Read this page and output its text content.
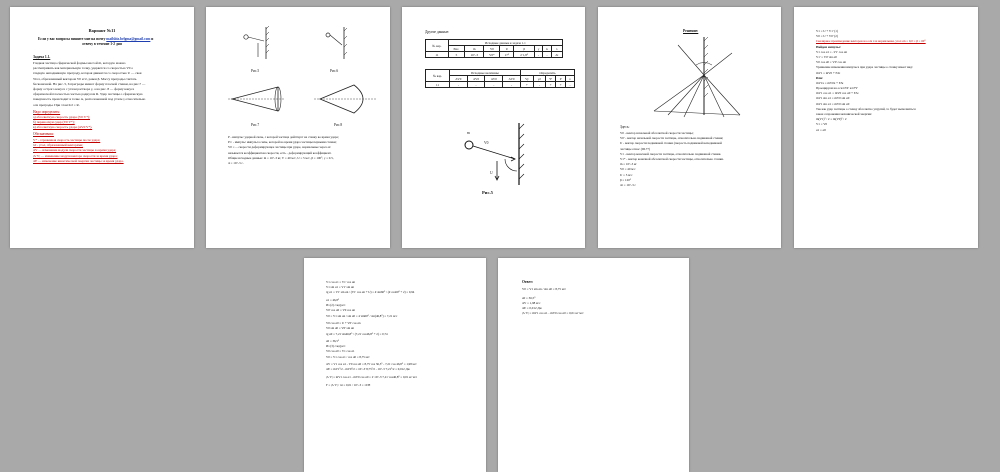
Вариант №11
Если у вас вопросы пишите мне на почту mailsbiz.belgma@gmail.com и
отвечу в течение 1-2 дня
Задача 1.1.
Гладкая частица сферической формы массой m, которую можно
рассматривать как материальную точку, ударяется со скоростью V0 о
гладкую неподвижную преграду, которая движется со скоростью U — своя
Угол, образованный вектором V0 и U, равен β. Массу преграды считать
бесконечной. На рис. 5, 6 преграды имеют форму плоской стенки, на рис.7 —
форму острого конуса с углом раствора γ, а на рис. 8 — форму конуса
сферической плоскостью частью радиусом R. Удар частицы о сферическую
поверхность происходит в точке A, расположенной под углом γ относительно
оси преграды. При этом h/2 = R.
Надо определить:
а) абсолютную скорость удара (V0 V*);
б) переносную удар (V0 V*);
в) абсолютную скорость удара (ΔV0 V*).
Обозначения:
V* - отраженная скорость частицы после удара;
λ0 - угол, образованный векторами;
ΔV — изменение модуля скорости частицы за время удара;
|Δ·V| — изменение модуля вектора скорости за время удара;
ΔE — изменение кинетической энергии частицы за время удара.
Рис.5	Рис.6
Рис.7	Рис.8
P - импульс ударной силы, с которой частица действует на стенку во время удара;
P∞ - импульс импульса силы, которой во время удара частицы первыми стенки;
V0 = ... скорости деформирующее частицы при ударе, нормальные через её
называется коэффициентом скорости, есть - деформирующий коэффициент.
Общие исходные данные: m = 10^-3 кг, V = 40 м/с, U = 5 м/с, β = 100°, γ = 0.5,
Δ = 10^-3 с.
Другие данные:
№ вар.	Исходные данные к задаче 1.1							
	Рис.	m	V0	U	β	γ	k	λ
11	5	10^-3	V0*	17°	2·1,8°	-	-	Δt
№ вар.	Исходные величины				Определить				
	ΔV0	ΔV0	ΔV0	ΔV0	Vy	γ2	Ψ	P	λ
11	-	-	-	-	+	-	+	+	-
m
V0
U
Рис.5
Решение:
Здесь:
V0 - вектор начальной абсолютной скорости частицы;
V0' - вектор начальной скорости частицы, относительно подвижной стенки;
U - вектор скорости подвижной стенки (скорость подвижной неподвижной
частицы относ (III.77)
V1 - вектор конечной скорости частицы, относительно подвижной стенки.
V1* - вектор конечной абсолютной скорости частицы, относительно стенки.
m = 10^-3 кг
V0 = 40 м/с
U = 5 м/с
β = 120°
Δt = 10^-3 с
V1 = U + V1' (1)
V0 = U + V0' (2)
Скалярное произведение векторов на оси x и нормальная, угол αn = 0,0 = β = 60°
Найдем импульс:
V1 cos α1 = -V1' cos αn
V1' = V0' sin α0
V0 cos α0 = V0' cos αn
Уравнение изменения импульса при ударе частицы о стенку имеет вид:
mV1 = mV0 + FΔt
Или:
mV1x = mV0x + FΔt
Проецируем на оси O'X' и O'Y'
mV1 cos α1 = mV0 cos α0 + FΔt
mV1 sin α1 = mV0 sin α0
mV1 sin α1 = mV0 sin α0
Так как удар частицы о стенку абсолютно упругий, то будет выполняться
закон сохранения механической энергии:
m(V1)² / 2 = m(V0)² / 2
V1 = V0
α1 = α0
V1 cos α1 = V1' cos αn
V1 sin α1 = V1' sin αn
tg α1 = V1' sin αn / (V1' cos αn + U) = 4·sin60° / (4·cos60° + 2) = 0,94
α1 = 46,8°
Из (2) следует:
V0' cos α0 = V0 cos αn
V0 = V1 sin αn / sin α0 = 4·sin60° / sin(46,8°) = 7,21 м/с
V0 cos α0 = U + V0' cos αn
V0 sin α0 = V0' sin αn
tg α0 = 7,21·sin46,8° / (7,21·cos46,8° + 2) = 0,74
α0 = 36,5°
Из (3) следует:
V0 cos α0 = V1 cos α1
V0 = V1 cos α1 / cos α0 = 8,75 м/с
ΔV = V1 cos α1 - V0 cos α0 = 8,75·cos 36,5° - 7,21·cos 46,8° = 1,98 м/с
ΔE = mV1²/2 - mV0²/2 = 10^-3·8,75²/2 - 10^-3·7,21²/2 = 0,012 Дж
|Δ·V| = mV1 cos α1 - mV0 cos α0 = 2·10^-3·7,21·cos46,8° = 0,01 кг·м/с
F = |Δ·V| / Δt = 0,01 / 10^-3 = 10 Н
Ответ:
V0 = V1 sin αn / sin α0 = 8,75 м/с
α0 = 36,5°
ΔV = 1,98 м/с
ΔE = 0,012 Дж
|Δ·V| = mV1 cos α1 - mV0 cos α0 = 0,01 кг·м/с
